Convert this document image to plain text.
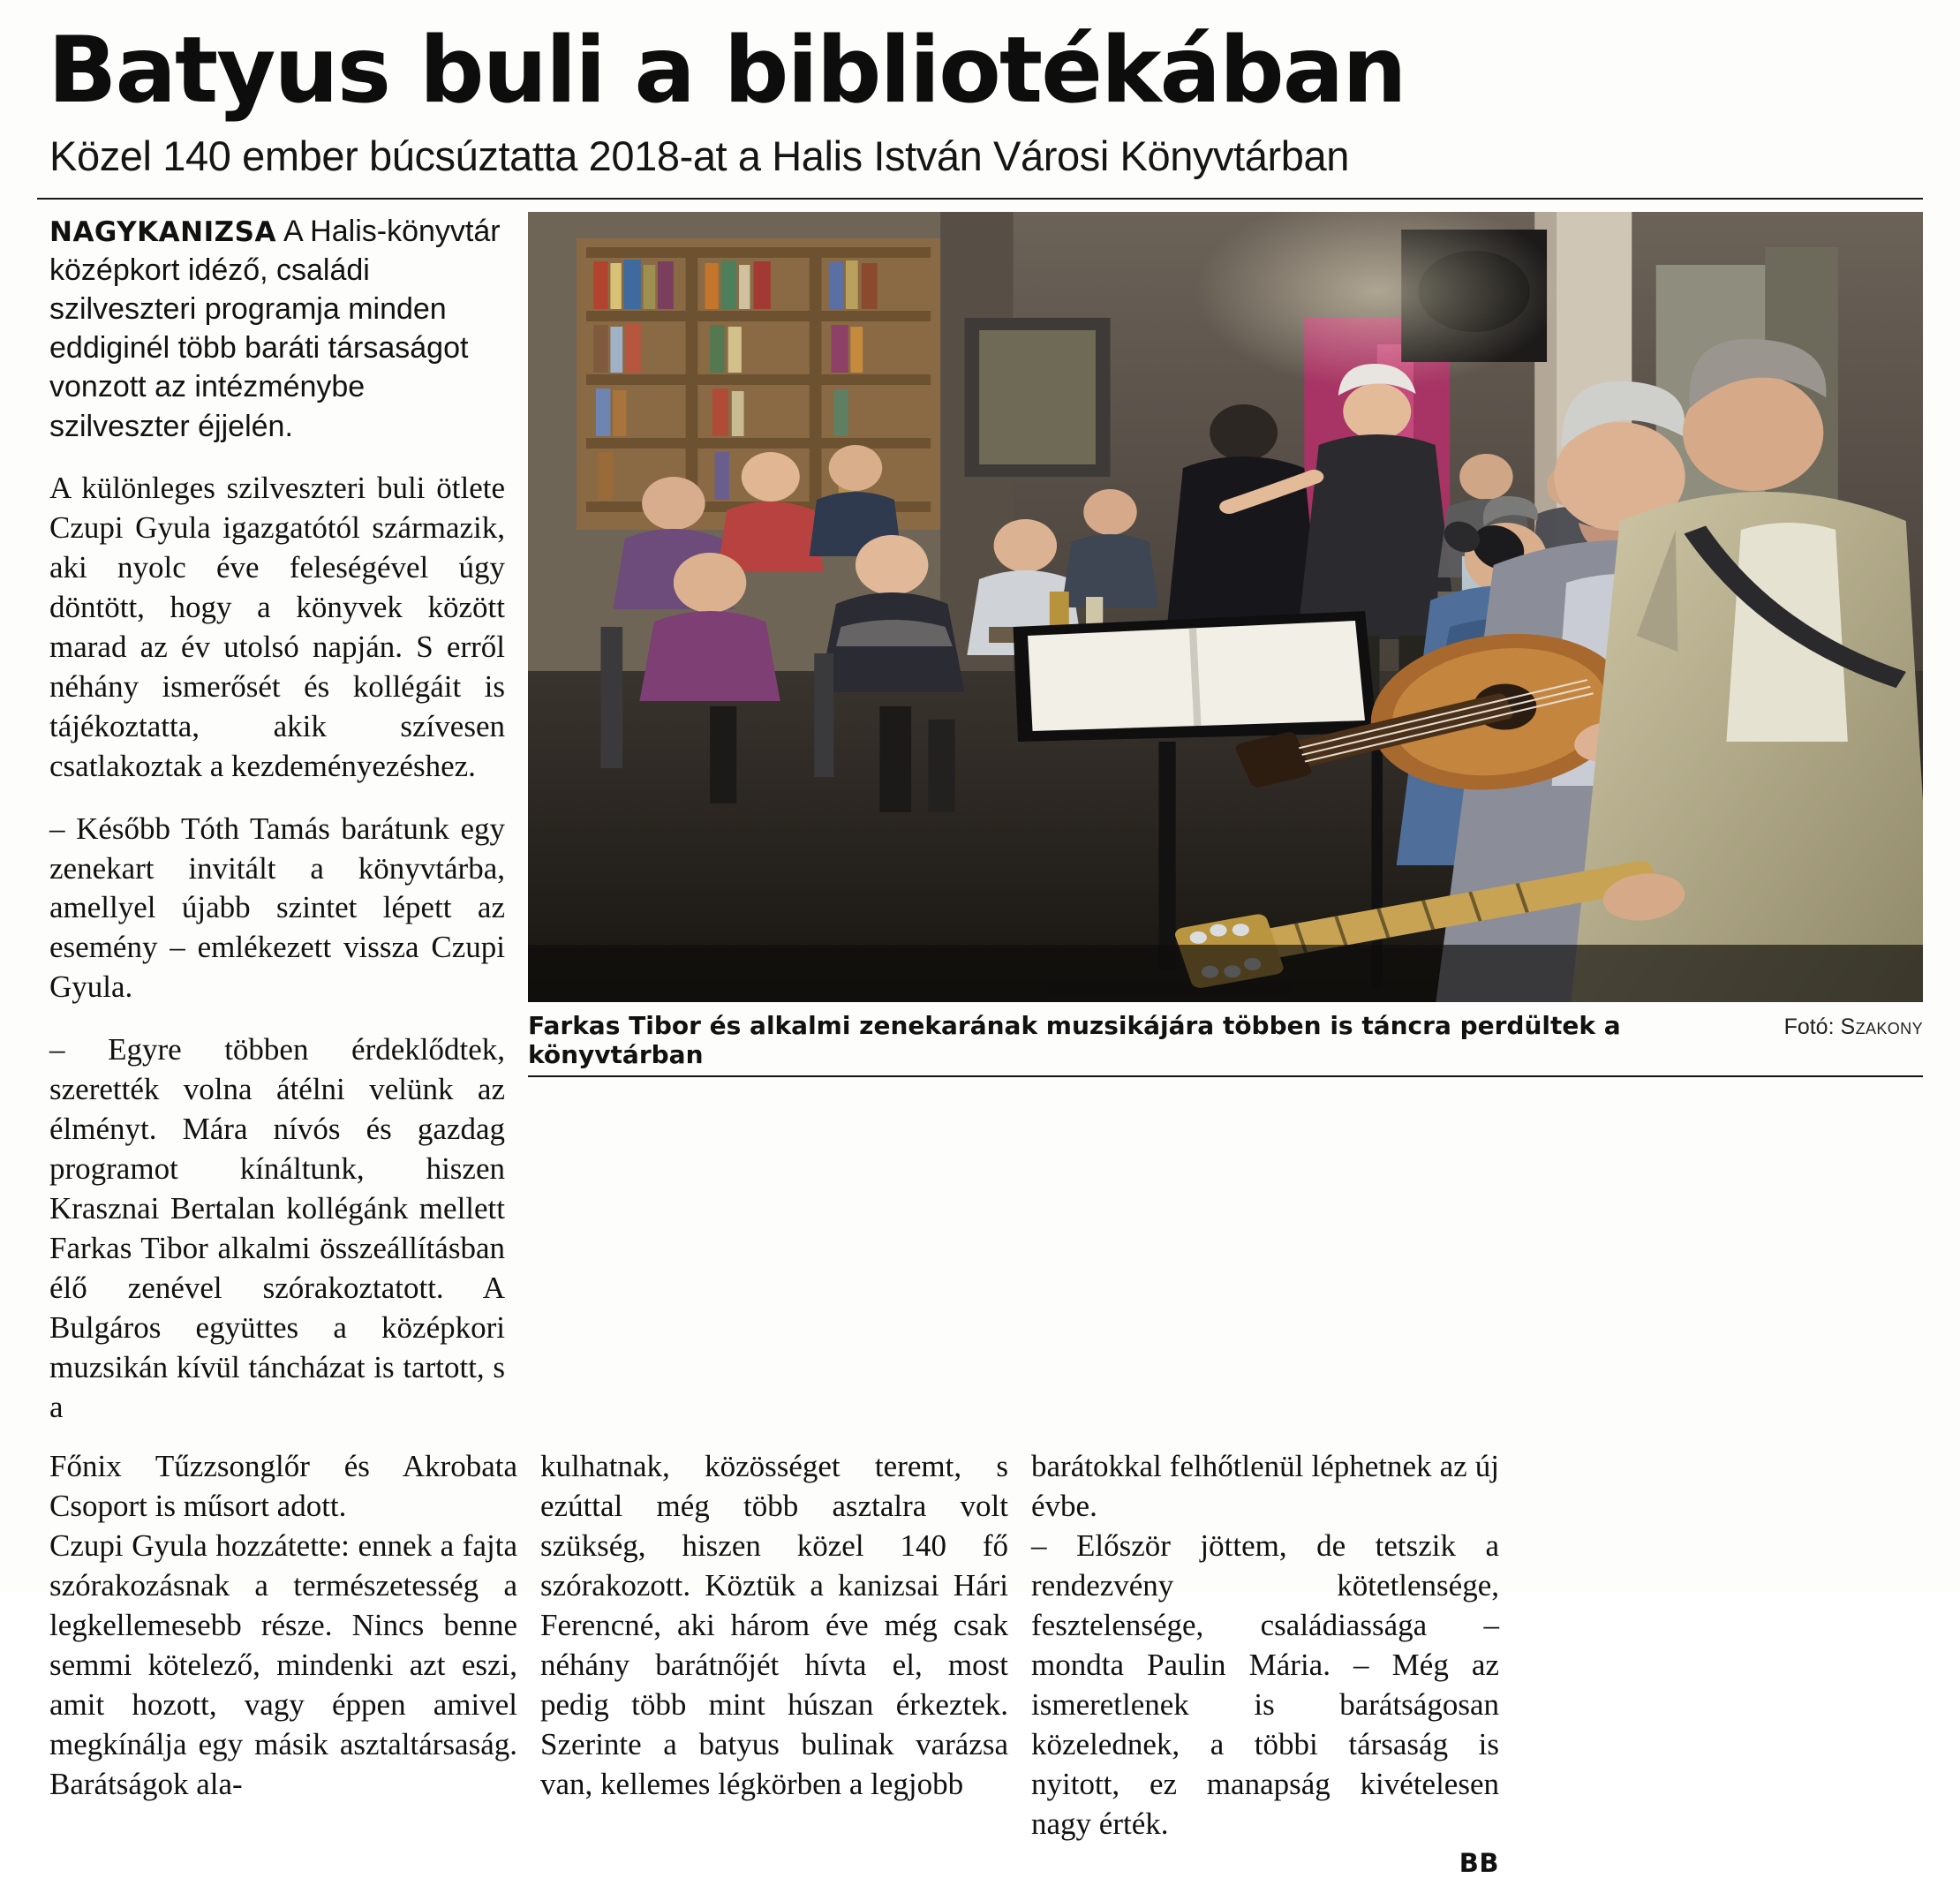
Batyus buli a bibliotékában
Közel 140 ember búcsúztatta 2018-at a Halis István Városi Könyvtárban

NAGYKANIZSA A Halis-könyvtár középkort idéző, családi szilveszteri programja minden eddiginél több baráti társaságot vonzott az intézménybe szilveszter éjjelén.

A különleges szilveszteri buli ötlete Czupi Gyula igazgatótól származik, aki nyolc éve feleségével úgy döntött, hogy a könyvek között marad az év utolsó napján. S erről néhány ismerősét és kollégáit is tájékoztatta, akik szívesen csatlakoztak a kezdeményezéshez.

– Később Tóth Tamás barátunk egy zenekart invitált a könyvtárba, amellyel újabb szintet lépett az esemény – emlékezett vissza Czupi Gyula.

– Egyre többen érdeklődtek, szerették volna átélni velünk az élményt. Mára nívós és gazdag programot kínáltunk, hiszen Krasznai Bertalan kollégánk mellett Farkas Tibor alkalmi összeállításban élő zenével szórakoztatott. A Bulgáros együttes a középkori muzsikán kívül táncházat is tartott, s a

Farkas Tibor és alkalmi zenekarának muzsikájára többen is táncra perdültek a könyvtárban
Fotó: Szakony

Főnix Tűzzsonglőr és Akrobata Csoport is műsort adott.

Czupi Gyula hozzátette: ennek a fajta szórakozásnak a természetesség a legkellemesebb része. Nincs benne semmi kötelező, mindenki azt eszi, amit hozott, vagy éppen amivel megkínálja egy másik asztaltársaság. Barátságok ala-

kulhatnak, közösséget teremt, s ezúttal még több asztalra volt szükség, hiszen közel 140 fő szórakozott. Köztük a kanizsai Hári Ferencné, aki három éve még csak néhány barátnőjét hívta el, most pedig több mint húszan érkeztek. Szerinte a batyus bulinak varázsa van, kellemes légkörben a legjobb

barátokkal felhőtlenül léphetnek az új évbe.

– Először jöttem, de tetszik a rendezvény kötetlensége, fesztelensége, családiassága – mondta Paulin Mária. – Még az ismeretlenek is barátságosan közelednek, a többi társaság is nyitott, ez manapság kivételesen nagy érték.

BB
